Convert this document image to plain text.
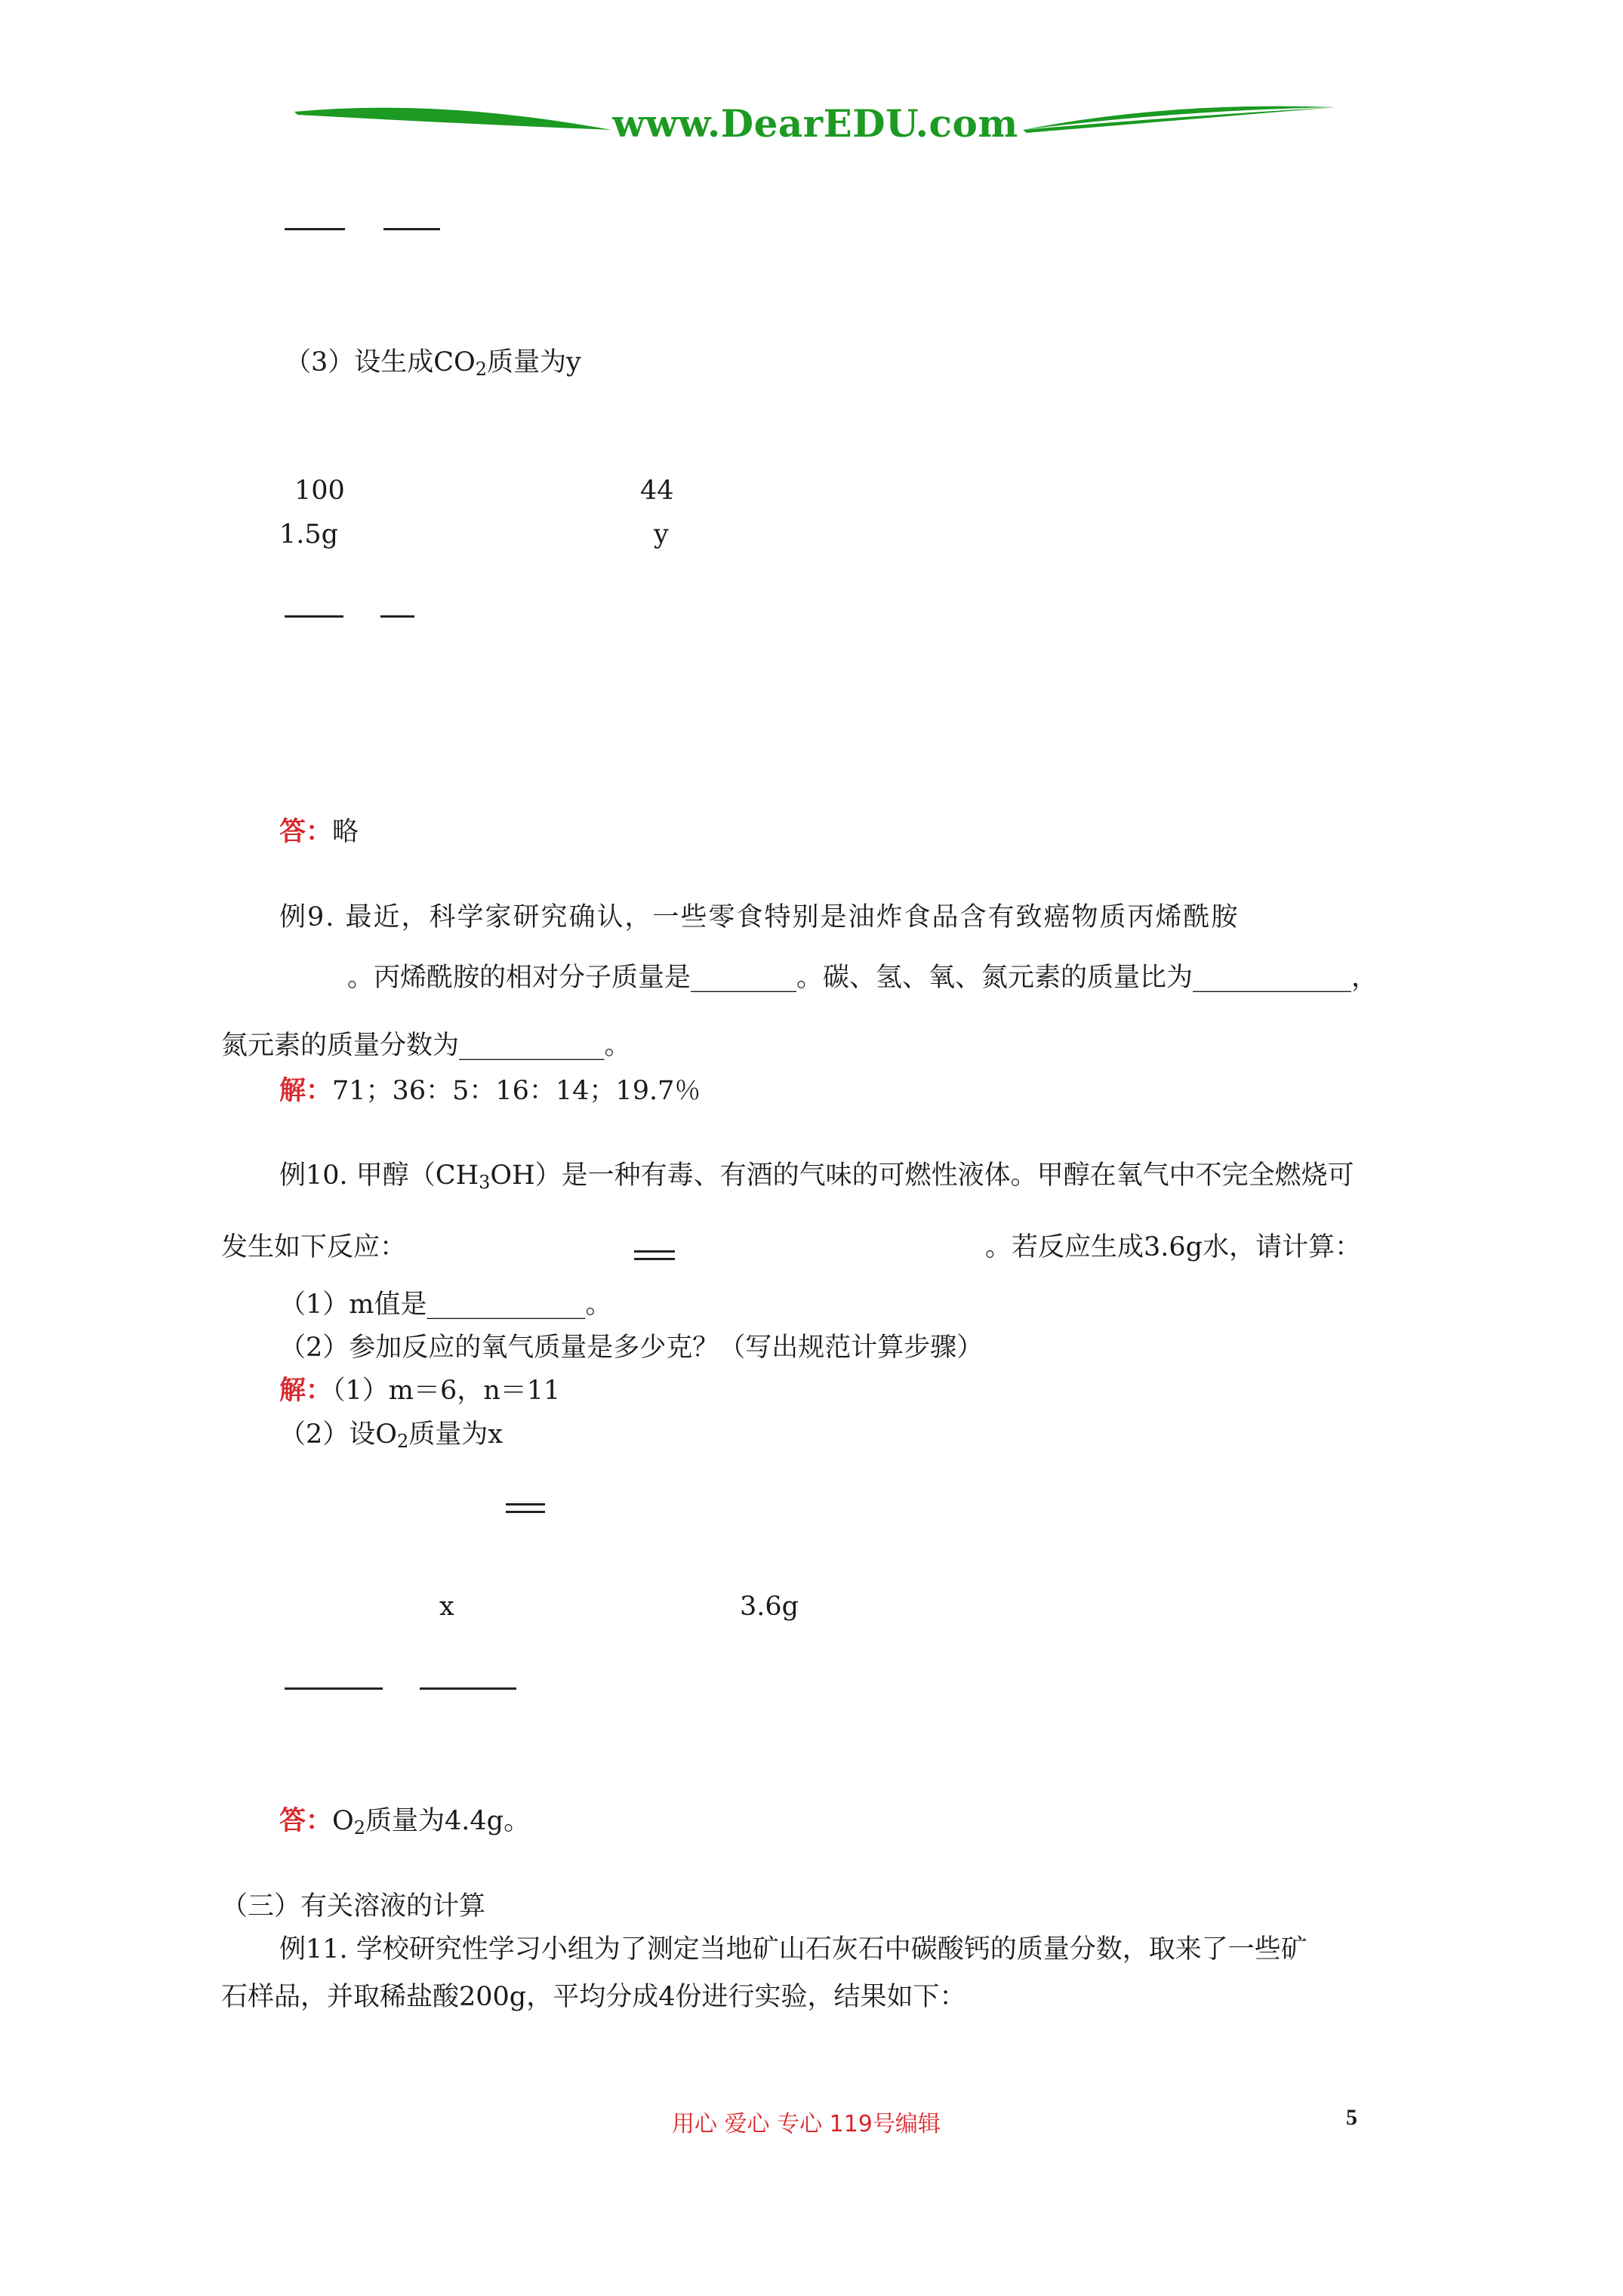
www.DearEDU.com
（3）设生成$CO_2$质量为y
100	44
1.5g	y
答：略
例9. 最近，科学家研究确认，一些零食特别是油炸食品含有致癌物质丙烯酰胺
。丙烯酰胺的相对分子质量是________。碳、氢、氧、氮元素的质量比为____________，
氮元素的质量分数为___________。
解：71；36：5：16：14；19.7％
例10. 甲醇$(CH_3OH)$是一种有毒、有酒的气味的可燃性液体。甲醇在氧气中不完全燃烧可
发生如下反应：	。若反应生成3.6g水，请计算：
（1）m值是____________。
（2）参加反应的氧气质量是多少克？（写出规范计算步骤）
解：（1）m＝6，n＝11
（2）设$O_2$质量为x
x	3.6g
答：$O_2$质量为4.4g。
（三）有关溶液的计算
例11. 学校研究性学习小组为了测定当地矿山石灰石中碳酸钙的质量分数，取来了一些矿
石样品，并取稀盐酸200g，平均分成4份进行实验，结果如下：
用心 爱心 专心 119号编辑	5
